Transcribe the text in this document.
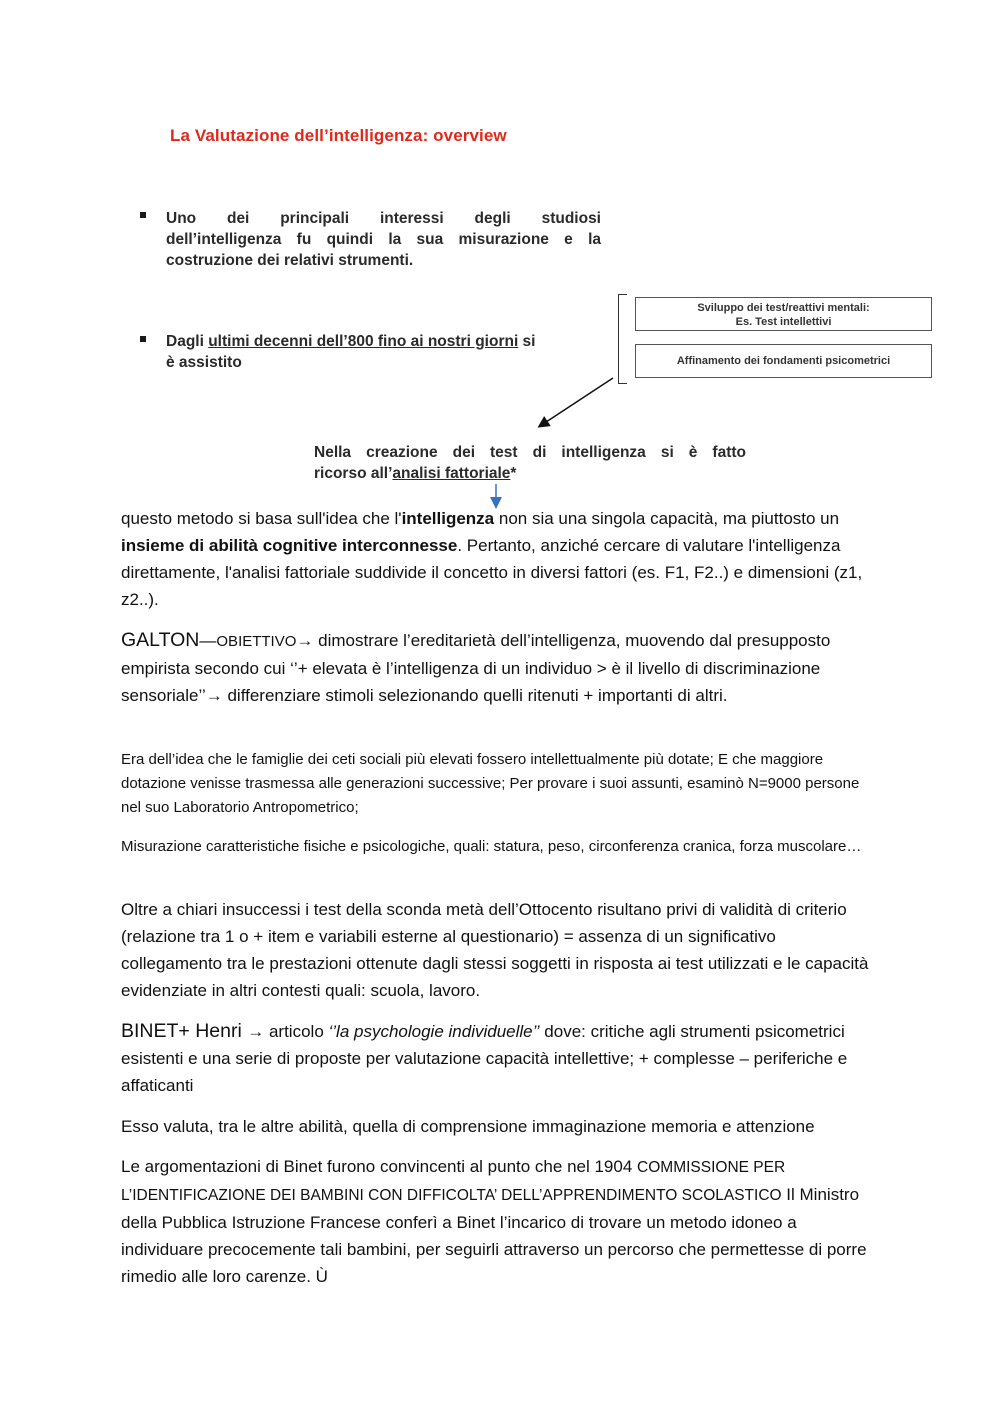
La Valutazione dell’intelligenza: overview
Uno dei principali interessi degli studiosi
dell’intelligenza fu quindi la sua misurazione e la
costruzione dei relativi strumenti.
Dagli ultimi decenni dell’800 fino ai nostri giorni si
è assistito
Sviluppo dei test/reattivi mentali:
Es. Test intellettivi
Affinamento dei fondamenti psicometrici
Nella creazione dei test di intelligenza si è fatto
ricorso all’analisi fattoriale*
questo metodo si basa sull'idea che l'intelligenza non sia una singola capacità, ma piuttosto un insieme di abilità cognitive interconnesse. Pertanto, anziché cercare di valutare l'intelligenza direttamente, l'analisi fattoriale suddivide il concetto in diversi fattori (es. F1, F2..) e dimensioni (z1, z2..).
GALTON—OBIETTIVO→ dimostrare l’ereditarietà dell’intelligenza, muovendo dal presupposto empirista secondo cui ‘’+ elevata è l’intelligenza di un individuo > è il livello di discriminazione sensoriale’’→ differenziare stimoli selezionando quelli ritenuti + importanti di altri.
Era dell’idea che le famiglie dei ceti sociali più elevati fossero intellettualmente più dotate; E che maggiore dotazione venisse trasmessa alle generazioni successive; Per provare i suoi assunti, esaminò N=9000 persone nel suo Laboratorio Antropometrico;
Misurazione caratteristiche fisiche e psicologiche, quali: statura, peso, circonferenza cranica, forza muscolare…
Oltre a chiari insuccessi i test della sconda metà dell’Ottocento risultano privi di validità di criterio (relazione tra 1 o + item e variabili esterne al questionario) = assenza di un significativo collegamento tra le prestazioni ottenute dagli stessi soggetti in risposta ai test utilizzati e le capacità evidenziate in altri contesti quali: scuola, lavoro.
BINET+ Henri → articolo ‘’la psychologie individuelle’’ dove: critiche agli strumenti psicometrici esistenti e una serie di proposte per valutazione capacità intellettive; + complesse – periferiche e affaticanti
Esso valuta, tra le altre abilità, quella di comprensione immaginazione memoria e attenzione
Le argomentazioni di Binet furono convincenti al punto che nel 1904 COMMISSIONE PER L’IDENTIFICAZIONE DEI BAMBINI CON DIFFICOLTA’ DELL’APPRENDIMENTO SCOLASTICO Il Ministro della Pubblica Istruzione Francese conferì a Binet l’incarico di trovare un metodo idoneo a individuare precocemente tali bambini, per seguirli attraverso un percorso che permettesse di porre rimedio alle loro carenze. Ù
